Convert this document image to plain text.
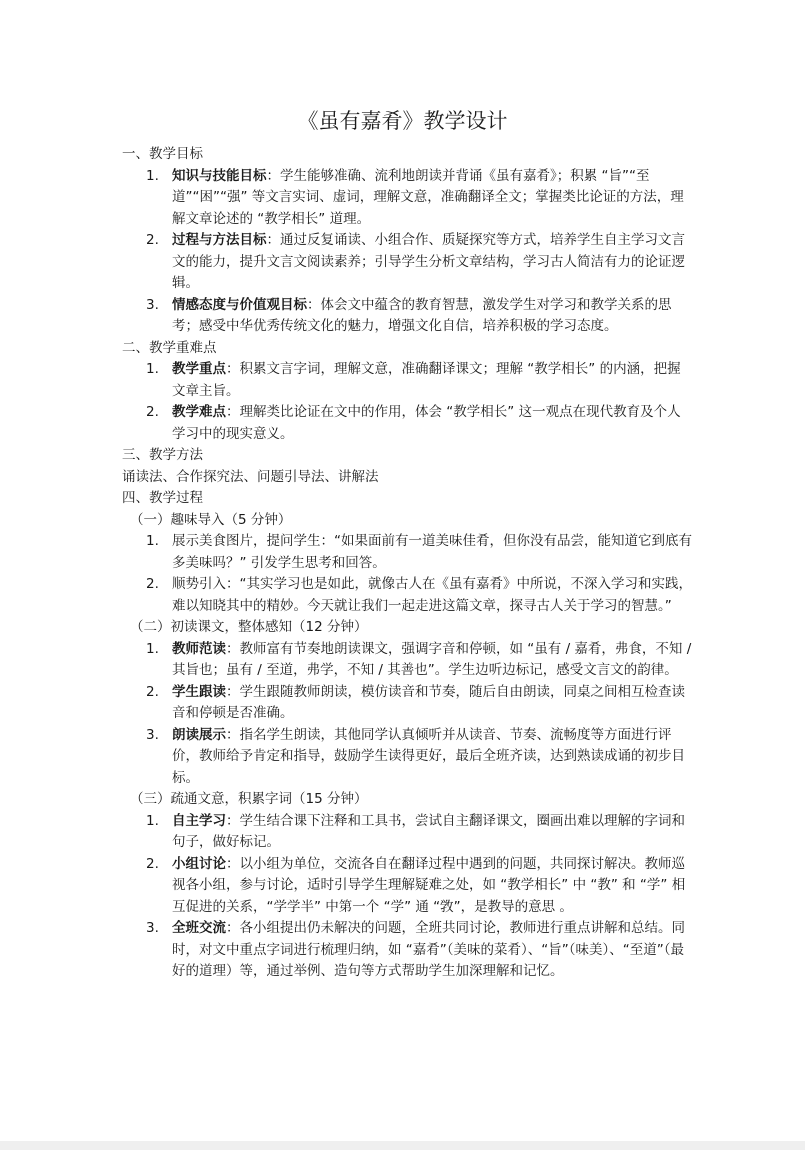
《虽有嘉肴》教学设计

一、教学目标

1. 知识与技能目标：学生能够准确、流利地朗读并背诵《虽有嘉肴》；积累 “旨”“至道”“困”“强” 等文言实词、虚词，理解文意，准确翻译全文；掌握类比论证的方法，理解文章论述的 “教学相长” 道理。
2. 过程与方法目标：通过反复诵读、小组合作、质疑探究等方式，培养学生自主学习文言文的能力，提升文言文阅读素养；引导学生分析文章结构，学习古人简洁有力的论证逻辑。
3. 情感态度与价值观目标：体会文中蕴含的教育智慧，激发学生对学习和教学关系的思考；感受中华优秀传统文化的魅力，增强文化自信，培养积极的学习态度。

二、教学重难点

1. 教学重点：积累文言字词，理解文意，准确翻译课文；理解 “教学相长” 的内涵，把握文章主旨。
2. 教学难点：理解类比论证在文中的作用，体会 “教学相长” 这一观点在现代教育及个人学习中的现实意义。

三、教学方法

诵读法、合作探究法、问题引导法、讲解法

四、教学过程

（一）趣味导入（5 分钟）

1. 展示美食图片，提问学生：“如果面前有一道美味佳肴，但你没有品尝，能知道它到底有多美味吗？” 引发学生思考和回答。
2. 顺势引入：“其实学习也是如此，就像古人在《虽有嘉肴》中所说，不深入学习和实践，难以知晓其中的精妙。今天就让我们一起走进这篇文章，探寻古人关于学习的智慧。”

（二）初读课文，整体感知（12 分钟）

1. 教师范读：教师富有节奏地朗读课文，强调字音和停顿，如 “虽有 / 嘉肴，弗食，不知 / 其旨也；虽有 / 至道，弗学，不知 / 其善也”。学生边听边标记，感受文言文的韵律。
2. 学生跟读：学生跟随教师朗读，模仿读音和节奏，随后自由朗读，同桌之间相互检查读音和停顿是否准确。
3. 朗读展示：指名学生朗读，其他同学认真倾听并从读音、节奏、流畅度等方面进行评价，教师给予肯定和指导，鼓励学生读得更好，最后全班齐读，达到熟读成诵的初步目标。

（三）疏通文意，积累字词（15 分钟）

1. 自主学习：学生结合课下注释和工具书，尝试自主翻译课文，圈画出难以理解的字词和句子，做好标记。
2. 小组讨论：以小组为单位，交流各自在翻译过程中遇到的问题，共同探讨解决。教师巡视各小组，参与讨论，适时引导学生理解疑难之处，如 “教学相长” 中 “教” 和 “学” 相互促进的关系，“学学半” 中第一个 “学” 通 “敩”，是教导的意思 。
3. 全班交流：各小组提出仍未解决的问题，全班共同讨论，教师进行重点讲解和总结。同时，对文中重点字词进行梳理归纳，如 “嘉肴”（美味的菜肴）、“旨”（味美）、“至道”（最好的道理）等，通过举例、造句等方式帮助学生加深理解和记忆。
